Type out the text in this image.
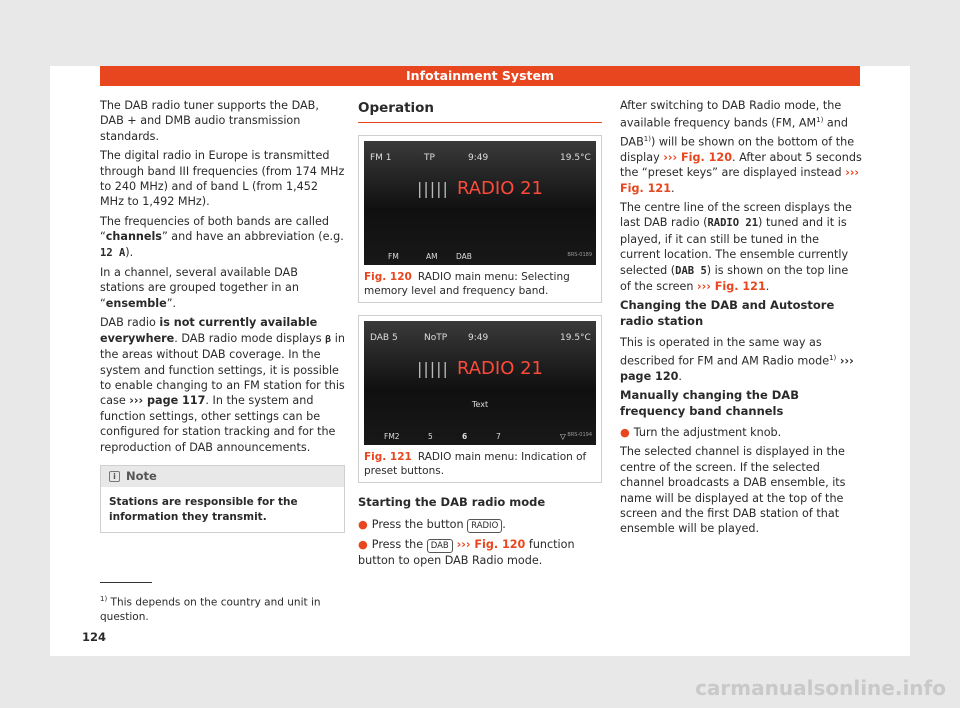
Infotainment System

The DAB radio tuner supports the DAB, DAB + and DMB audio transmission standards.

The digital radio in Europe is transmitted through band III frequencies (from 174 MHz to 240 MHz) and of band L (from 1,452 MHz to 1,492 MHz).

The frequencies of both bands are called “channels” and have an abbreviation (e.g. 12 A).

In a channel, several available DAB stations are grouped together in an “ensemble”.

DAB radio is not currently available everywhere. DAB radio mode displays 𝛃 in the areas without DAB coverage. In the system and function settings, it is possible to enable changing to an FM station for this case ››› page 117. In the system and function settings, other settings can be configured for station tracking and for the reproduction of DAB announcements.

i Note
Stations are responsible for the information they transmit.
Operation
FM 1	TP	9:49	19.5°C
||||| RADIO 21
FM	AM DAB	BRS-0189
Fig. 120 RADIO main menu: Selecting memory level and frequency band.
DAB 5	NoTP 9:49	19.5°C
||||| RADIO 21
Text
FM2	5	6	7	▽ BRS-0194
Fig. 121 RADIO main menu: Indication of preset buttons.
Starting the DAB radio mode

● Press the button RADIO .

● Press the DAB ››› Fig. 120 function button to open DAB Radio mode.

After switching to DAB Radio mode, the available frequency bands (FM, AM$^{1)}$ and DAB$^{1)}$) will be shown on the bottom of the display ››› Fig. 120. After about 5 seconds the “preset keys” are displayed instead ››› Fig. 121.

The centre line of the screen displays the last DAB radio (RADIO 21) tuned and it is played, if it can still be tuned in the current location. The ensemble currently selected (DAB 5) is shown on the top line of the screen ››› Fig. 121.

Changing the DAB and Autostore radio station

This is operated in the same way as described for FM and AM Radio mode$^{1)}$ ››› page 120.

Manually changing the DAB frequency band channels

● Turn the adjustment knob.

The selected channel is displayed in the centre of the screen. If the selected channel broadcasts a DAB ensemble, its name will be displayed at the top of the screen and the first DAB station of that ensemble will be played.

$^{1)}$ This depends on the country and unit in question.
124
carmanualsonline.info
